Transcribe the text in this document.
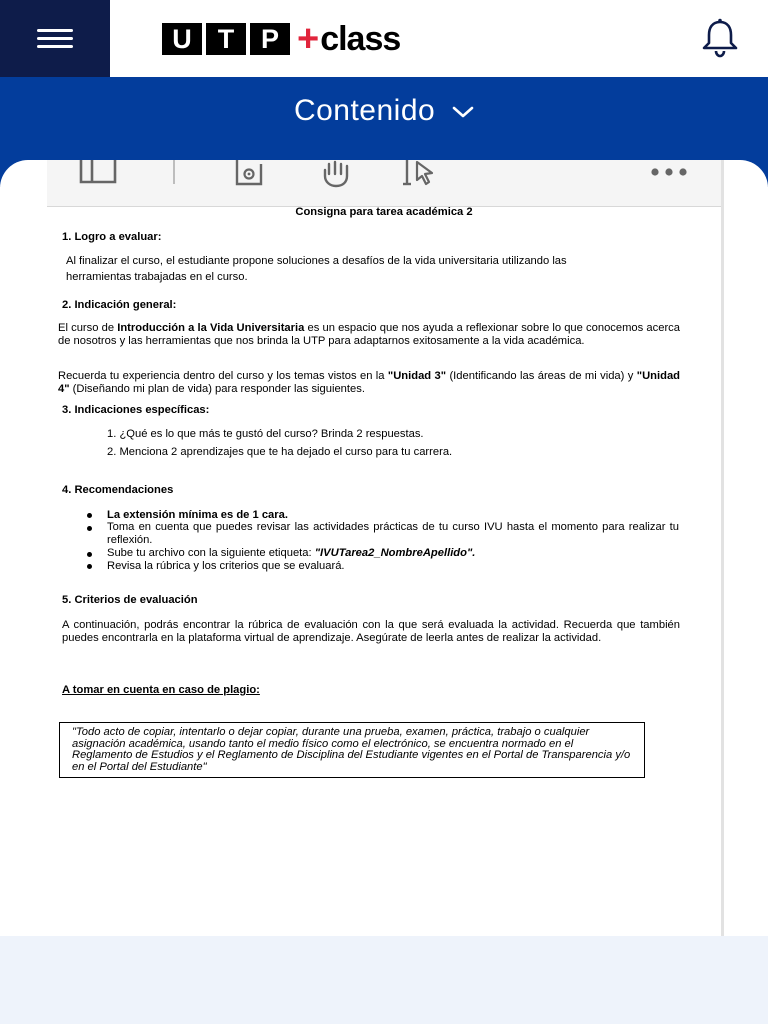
U T P + class
Contenido
Consigna para tarea académica 2
1. Logro a evaluar:
Al finalizar el curso, el estudiante propone soluciones a desafíos de la vida universitaria utilizando las
herramientas trabajadas en el curso.
2. Indicación general:
El curso de Introducción a la Vida Universitaria es un espacio que nos ayuda a reflexionar sobre lo que conocemos acerca de nosotros y las herramientas que nos brinda la UTP para adaptarnos exitosamente a la vida académica.
Recuerda tu experiencia dentro del curso y los temas vistos en la "Unidad 3" (Identificando las áreas de mi vida) y "Unidad 4" (Diseñando mi plan de vida) para responder las siguientes.
3. Indicaciones específicas:
1. ¿Qué es lo que más te gustó del curso? Brinda 2 respuestas.
2. Menciona 2 aprendizajes que te ha dejado el curso para tu carrera.
4. Recomendaciones
La extensión mínima es de 1 cara.
Toma en cuenta que puedes revisar las actividades prácticas de tu curso IVU hasta el momento para realizar tu reflexión.
Sube tu archivo con la siguiente etiqueta: "IVUTarea2_NombreApellido".
Revisa la rúbrica y los criterios que se evaluará.
5. Criterios de evaluación
A continuación, podrás encontrar la rúbrica de evaluación con la que será evaluada la actividad. Recuerda que también puedes encontrarla en la plataforma virtual de aprendizaje. Asegúrate de leerla antes de realizar la actividad.
A tomar en cuenta en caso de plagio:
"Todo acto de copiar, intentarlo o dejar copiar, durante una prueba, examen, práctica, trabajo o cualquier asignación académica, usando tanto el medio físico como el electrónico, se encuentra normado en el Reglamento de Estudios y el Reglamento de Disciplina del Estudiante vigentes en el Portal de Transparencia y/o en el Portal del Estudiante"
